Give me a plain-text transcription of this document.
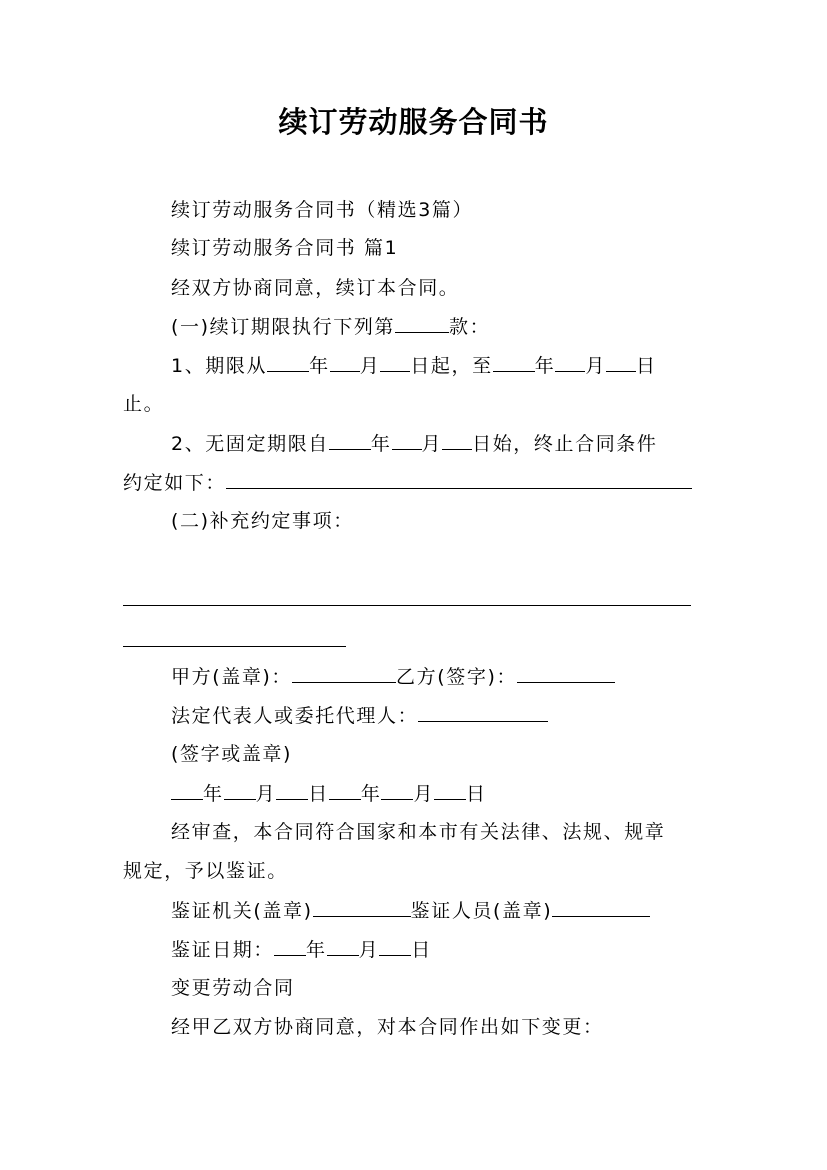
续订劳动服务合同书
续订劳动服务合同书（精选3篇）
续订劳动服务合同书 篇1
经双方协商同意，续订本合同。
(一)续订期限执行下列第	款：
1、期限从 年 月 日起，至 年 月 日
止。
2、无固定期限自 年 月 日始，终止合同条件
约定如下：
(二)补充约定事项：
甲方(盖章)：	乙方(签字)：
法定代表人或委托代理人：
(签字或盖章)
年 月 日 年 月 日
经审查，本合同符合国家和本市有关法律、法规、规章
规定，予以鉴证。
鉴证机关(盖章)	鉴证人员(盖章)
鉴证日期： 年 月 日
变更劳动合同
经甲乙双方协商同意，对本合同作出如下变更：
